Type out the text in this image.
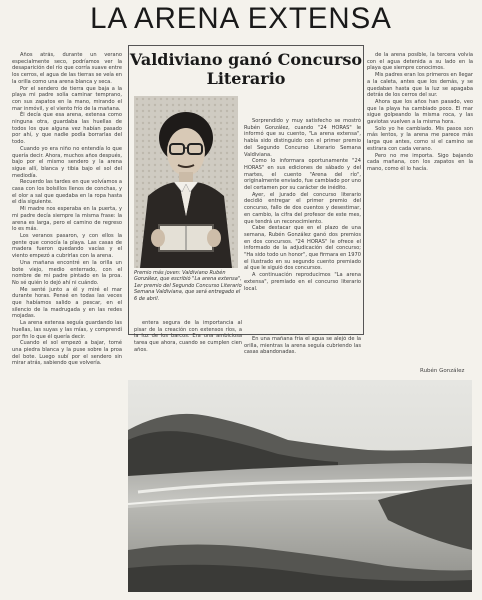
LA ARENA EXTENSA

Años atrás, durante un verano especialmente seco, podríamos ver la desaparición del río que corría suave entre los cerros, el agua de las tierras se veía en la orilla como una arena blanca y seca.

Por el sendero de tierra que baja a la playa mi padre solía caminar temprano, con sus zapatos en la mano, mirando el mar inmóvil, y el viento frío de la mañana.

Él decía que esa arena, extensa como ninguna otra, guardaba las huellas de todos los que alguna vez habían pasado por ahí, y que nadie podía borrarlas del todo.

Cuando yo era niño no entendía lo que quería decir. Ahora, muchos años después, bajo por el mismo sendero y la arena sigue allí, blanca y tibia bajo el sol del mediodía.

Recuerdo las tardes en que volvíamos a casa con los bolsillos llenos de conchas, y el olor a sal que quedaba en la ropa hasta el día siguiente.

Mi madre nos esperaba en la puerta, y mi padre decía siempre la misma frase: la arena es larga, pero el camino de regreso lo es más.

Los veranos pasaron, y con ellos la gente que conocía la playa. Las casas de madera fueron quedando vacías y el viento empezó a cubrirlas con la arena.

Una mañana encontré en la orilla un bote viejo, medio enterrado, con el nombre de mi padre pintado en la proa. No sé quién lo dejó ahí ni cuándo.

Me senté junto a él y miré el mar durante horas. Pensé en todas las veces que habíamos salido a pescar, en el silencio de la madrugada y en las redes mojadas.

La arena extensa seguía guardando las huellas, las suyas y las mías, y comprendí por fin lo que él quería decir.

Cuando el sol empezó a bajar, tomé una piedra blanca y la puse sobre la proa del bote. Luego subí por el sendero sin mirar atrás, sabiendo que volvería.

Valdiviano ganó Concurso Literario
Premio más joven: Valdiviano Rubén González, que escribió "La arena extensa", 1er premio del Segundo Concurso Literario Semana Valdiviana, que será entregado el 6 de abril.

Sorprendido y muy satisfecho se mostró Rubén González, cuando "24 HORAS" le informó que su cuento, "La arena extensa", había sido distinguido con el primer premio del Segundo Concurso Literario Semana Valdiviana.

Como lo informara oportunamente "24 HORAS" en sus ediciones de sábado y del martes, el cuento "Arena del río", originalmente enviado, fue cambiado por uno del certamen por su carácter de inédito.

Ayer, el jurado del concurso literario decidió entregar el primer premio del concurso, fallo de dos cuentos y desestimar, en cambio, la cifra del profesor de este mes, que tendrá un reconocimiento.

Cabe destacar que en el plazo de una semana, Rubén González ganó dos premios en dos concursos. "24 HORAS" le ofrece el informado de la adjudicación del concurso; "Ha sido todo un honor", que firmara en 1970 el ilustrado en su segundo cuento premiado al que le siguió dos concursos.

A continuación reproducimos "La arena extensa", premiado en el concurso literario local.

de la arena posible, la tercera volvía con el agua detenida a su lado en la playa que siempre conocimos.

Mis padres eran los primeros en llegar a la caleta, antes que los demás, y se quedaban hasta que la luz se apagaba detrás de los cerros del sur.

Ahora que los años han pasado, veo que la playa ha cambiado poco. El mar sigue golpeando la misma roca, y las gaviotas vuelven a la misma hora.

Solo yo he cambiado. Mis pasos son más lentos, y la arena me parece más larga que antes, como si el camino se estirara con cada verano.

Pero no me importa. Sigo bajando cada mañana, con los zapatos en la mano, como él lo hacía.

entera segura de la importancia al pisar de la creación con extensos ríos, a la luz de los barcos. Era una ambiciosa tarea que ahora, cuando se cumplen cien años.

En una mañana fría el agua se alejó de la orilla, mientras la arena seguía cubriendo las casas abandonadas.

Rubén González
